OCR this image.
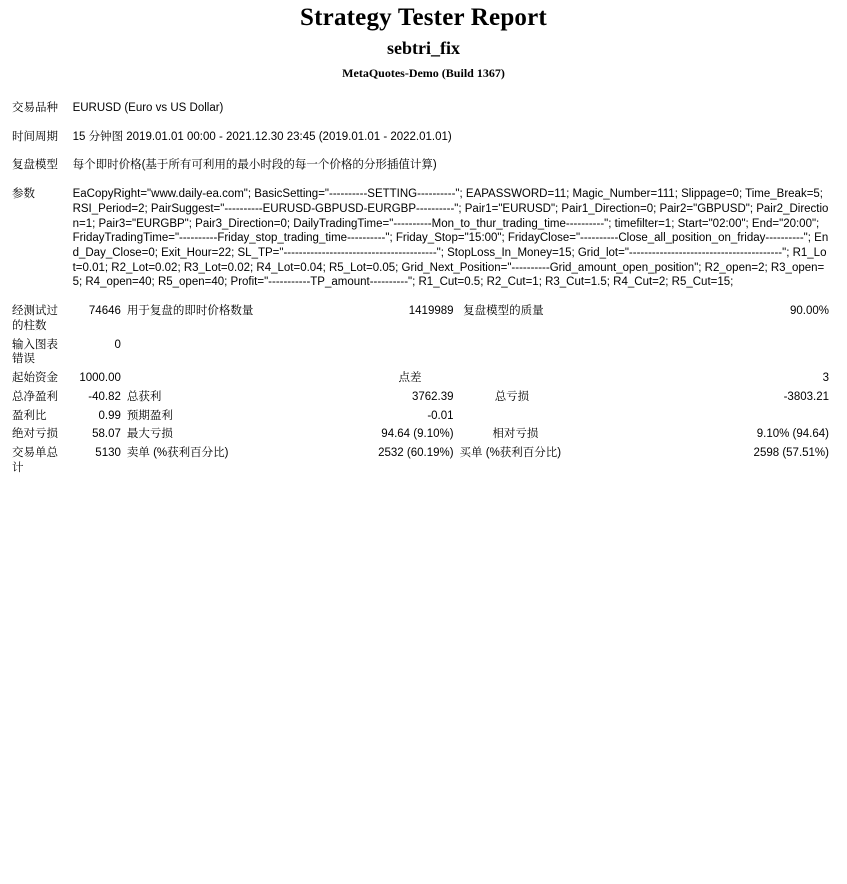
Strategy Tester Report
sebtri_fix
MetaQuotes-Demo (Build 1367)
交易品种	EURUSD (Euro vs US Dollar)			

时间周期	15 分钟图 2019.01.01 00:00 - 2021.12.30 23:45 (2019.01.01 - 2022.01.01)			

复盘模型	每个即时价格(基于所有可利用的最小时段的每一个价格的分形插值计算)			

参数	EaCopyRight="www.daily-ea.com"; BasicSetting="----------SETTING----------"; EAPASSWORD=11; Magic_Number=111; Slippage=0; Time_Break=5; RSI_Period=2; PairSuggest="----------EURUSD-GBPUSD-EURGBP----------"; Pair1="EURUSD"; Pair1_Direction=0; Pair2="GBPUSD"; Pair2_Direction=1; Pair3="EURGBP"; Pair3_Direction=0; DailyTradingTime="----------Mon_to_thur_trading_time----------"; timefilter=1; Start="02:00"; End="20:00"; FridayTradingTime="----------Friday_stop_trading_time----------"; Friday_Stop="15:00"; FridayClose="----------Close_all_position_on_friday----------"; End_Day_Close=0; Exit_Hour=22; SL_TP="----------------------------------------"; StopLoss_In_Money=15; Grid_lot="----------------------------------------"; R1_Lot=0.01; R2_Lot=0.02; R3_Lot=0.02; R4_Lot=0.04; R5_Lot=0.05; Grid_Next_Position="----------Grid_amount_open_position"; R2_open=2; R3_open=5; R4_open=40; R5_open=40; Profit="-----------TP_amount----------"; R1_Cut=0.5; R2_Cut=1; R3_Cut=1.5; R4_Cut=2; R5_Cut=15;			

经测试过的柱数	74646	用于复盘的即时价格数量	1419989	复盘模型的质量 90.00%
输入图表错误	0			
起始资金	1000.00		点差	3
总净盈利	-40.82	总获利	3762.39	总亏损 -3803.21
盈利比	0.99	预期盈利	-0.01	
绝对亏损	58.07	最大亏损	94.64 (9.10%)	相对亏损 9.10% (94.64)
交易单总计	5130	卖单 (%获利百分比)	2532 (60.19%)	买单 (%获利百分比) 2598 (57.51%)
